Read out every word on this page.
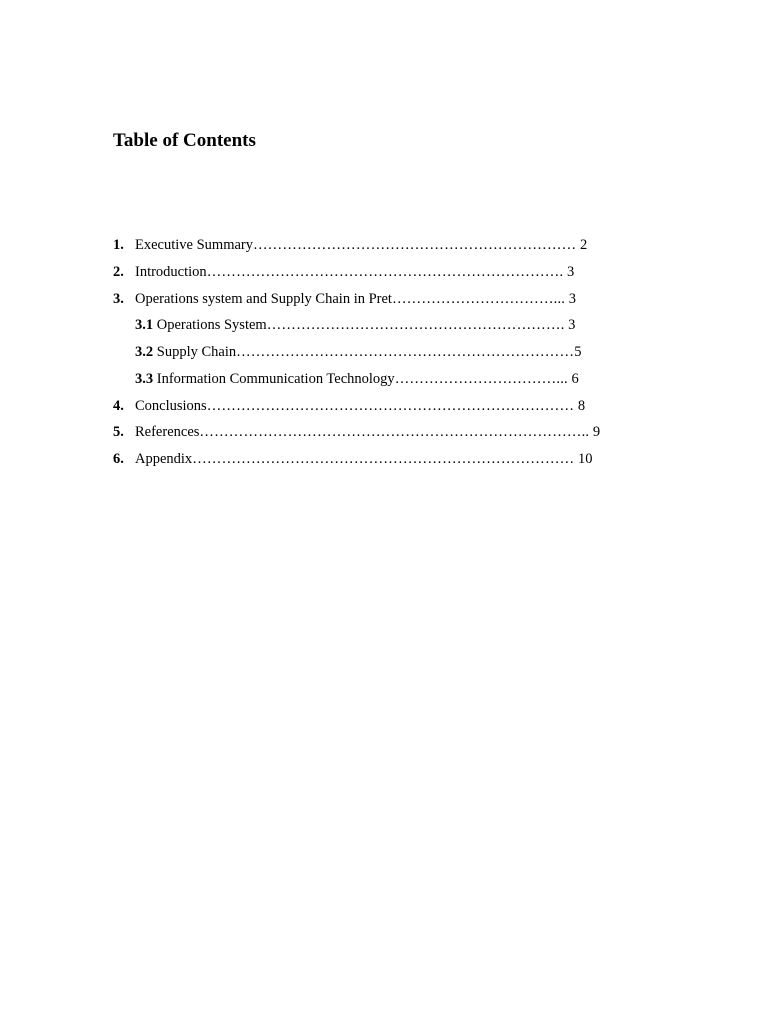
Table of Contents
1. Executive Summary………………………………………………………… 2
2. Introduction………………………………………………………………. 3
3. Operations system and Supply Chain in Pret……………………………... 3
3.1 Operations System……………………………………………………. 3
3.2 Supply Chain……………………………………………………………5
3.3 Information Communication Technology……………………………... 6
4. Conclusions………………………………………………………………… 8
5. References…………………………………………………………………….. 9
6. Appendix…………………………………………………………………… 10
